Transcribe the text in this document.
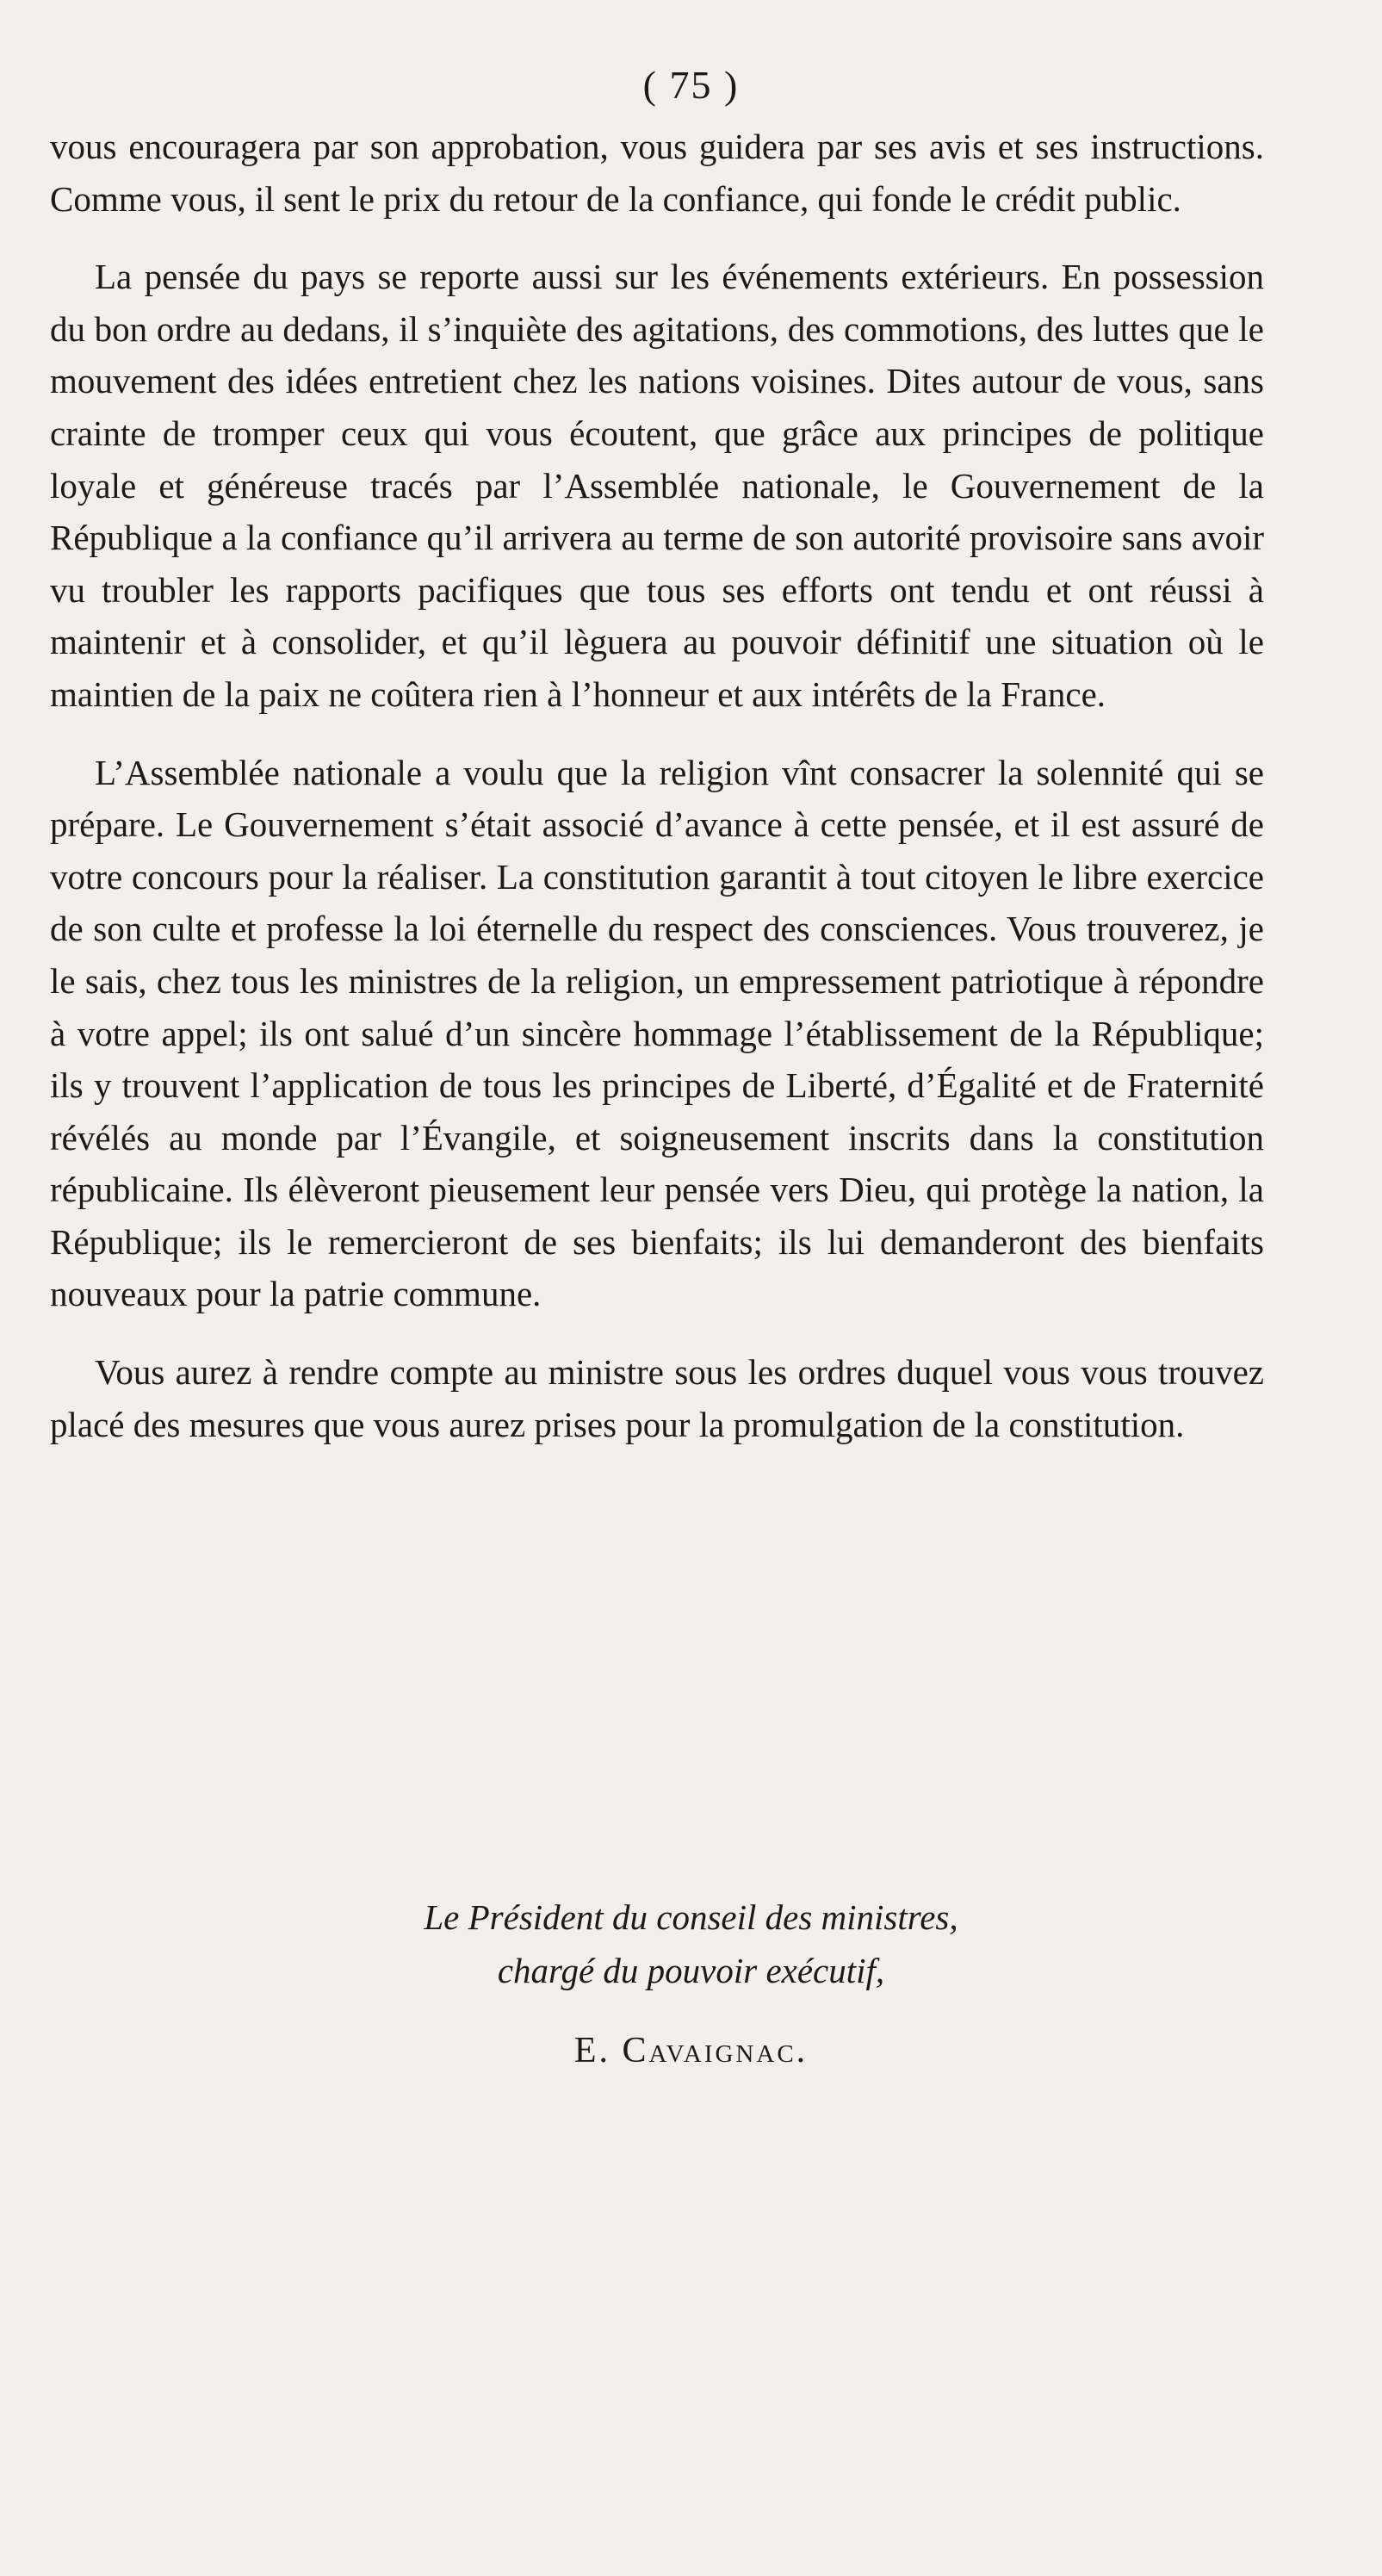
( 75 )

vous encouragera par son approbation, vous guidera par ses avis et ses instructions. Comme vous, il sent le prix du retour de la confiance, qui fonde le crédit public.

La pensée du pays se reporte aussi sur les événements extérieurs. En possession du bon ordre au dedans, il s’inquiète des agitations, des commotions, des luttes que le mouvement des idées entretient chez les nations voisines. Dites autour de vous, sans crainte de tromper ceux qui vous écoutent, que grâce aux principes de politique loyale et généreuse tracés par l’Assemblée nationale, le Gouvernement de la République a la confiance qu’il arrivera au terme de son autorité provisoire sans avoir vu troubler les rapports pacifiques que tous ses efforts ont tendu et ont réussi à maintenir et à consolider, et qu’il lèguera au pouvoir définitif une situation où le maintien de la paix ne coûtera rien à l’honneur et aux intérêts de la France.

L’Assemblée nationale a voulu que la religion vînt consacrer la solennité qui se prépare. Le Gouvernement s’était associé d’avance à cette pensée, et il est assuré de votre concours pour la réaliser. La constitution garantit à tout citoyen le libre exercice de son culte et professe la loi éternelle du respect des consciences. Vous trouverez, je le sais, chez tous les ministres de la religion, un empressement patriotique à répondre à votre appel; ils ont salué d’un sincère hommage l’établissement de la République; ils y trouvent l’application de tous les principes de Liberté, d’Égalité et de Fraternité révélés au monde par l’Évangile, et soigneusement inscrits dans la constitution républicaine. Ils élèveront pieusement leur pensée vers Dieu, qui protège la nation, la République; ils le remercieront de ses bienfaits; ils lui demanderont des bienfaits nouveaux pour la patrie commune.

Vous aurez à rendre compte au ministre sous les ordres duquel vous vous trouvez placé des mesures que vous aurez prises pour la promulgation de la constitution.

Le Président du conseil des ministres,
chargé du pouvoir exécutif,
E. Cavaignac.
